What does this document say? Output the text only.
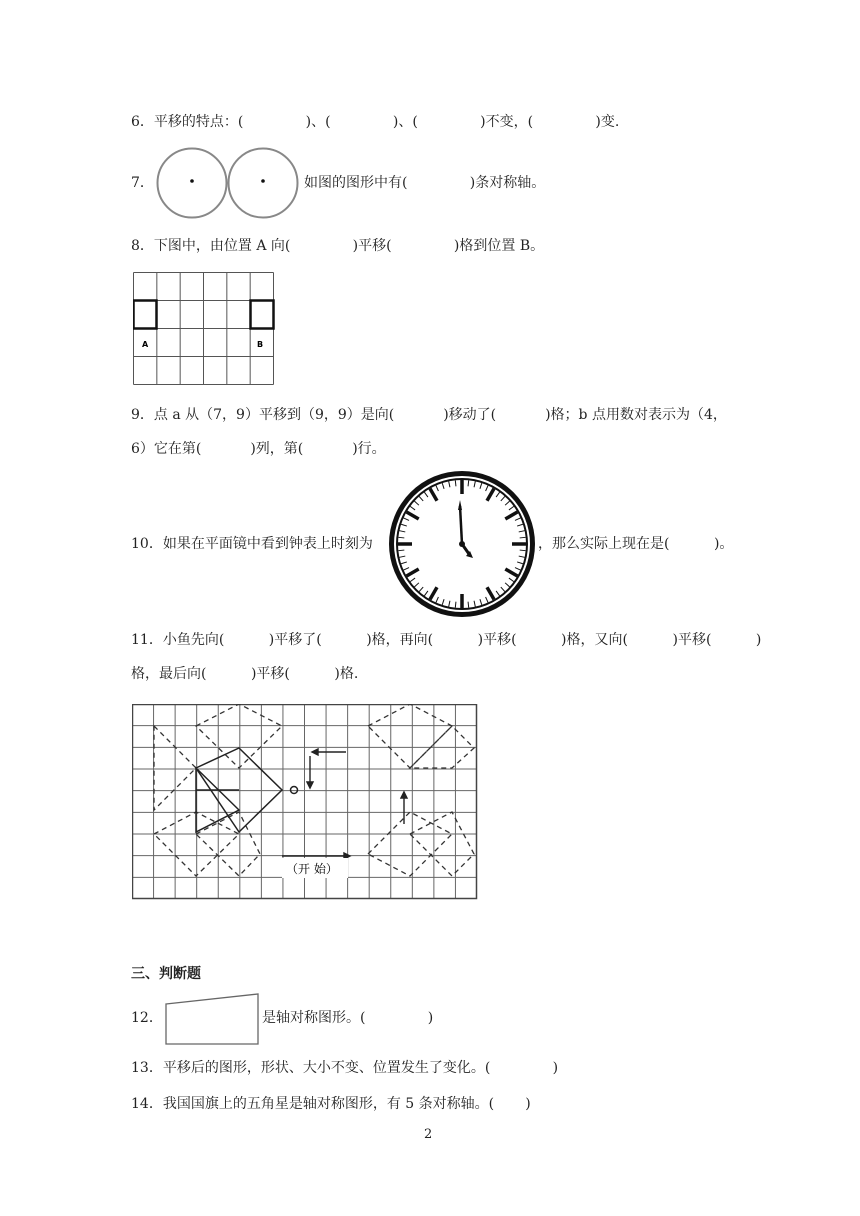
6．平移的特点：(              )、(              )、(              )不变，(              )变.
7．	如图的图形中有(              )条对称轴。
8．下图中，由位置 A 向(              )平移(              )格到位置 B。
A	B
9．点 a 从（7，9）平移到（9，9）是向(           )移动了(           )格；b 点用数对表示为（4，
6）它在第(           )列，第(           )行。
10．如果在平面镜中看到钟表上时刻为	，那么实际上现在是(          )。
11．小鱼先向(          )平移了(          )格，再向(          )平移(          )格，又向(          )平移(          )
格，最后向(          )平移(          )格.
（开 始）
三、判断题
12．	是轴对称图形。(              )
13．平移后的图形，形状、大小不变、位置发生了变化。(              )
14．我国国旗上的五角星是轴对称图形，有 5 条对称轴。(       )
2
